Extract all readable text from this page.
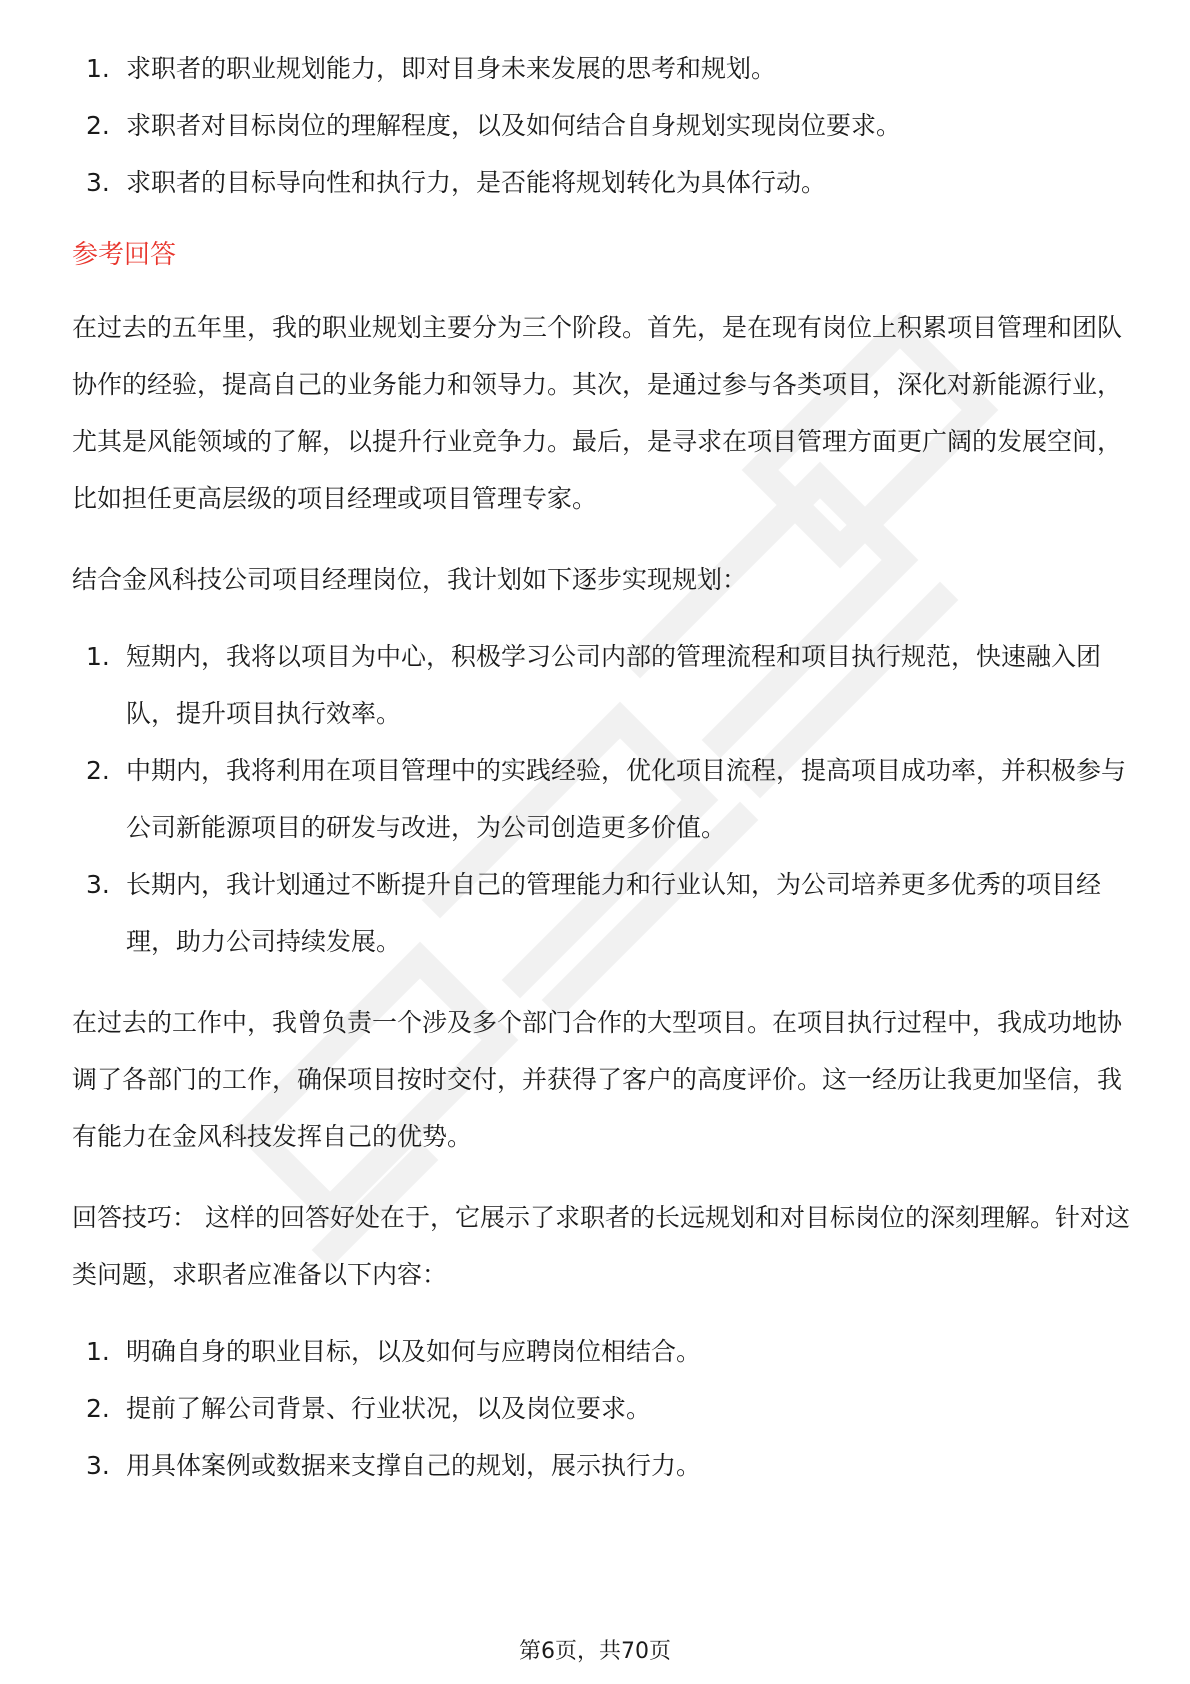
1. 求职者的职业规划能力，即对目身未来发展的思考和规划。
2. 求职者对目标岗位的理解程度，以及如何结合自身规划实现岗位要求。
3. 求职者的目标导向性和执行力，是否能将规划转化为具体行动。
参考回答

在过去的五年里，我的职业规划主要分为三个阶段。首先，是在现有岗位上积累项目管理和团队协作的经验，提高自己的业务能力和领导力。其次，是通过参与各类项目，深化对新能源行业，尤其是风能领域的了解，以提升行业竞争力。最后，是寻求在项目管理方面更广阔的发展空间，比如担任更高层级的项目经理或项目管理专家。

结合金风科技公司项目经理岗位，我计划如下逐步实现规划：

1. 短期内，我将以项目为中心，积极学习公司内部的管理流程和项目执行规范，快速融入团队，提升项目执行效率。
2. 中期内，我将利用在项目管理中的实践经验，优化项目流程，提高项目成功率，并积极参与公司新能源项目的研发与改进，为公司创造更多价值。
3. 长期内，我计划通过不断提升自己的管理能力和行业认知，为公司培养更多优秀的项目经理，助力公司持续发展。

在过去的工作中，我曾负责一个涉及多个部门合作的大型项目。在项目执行过程中，我成功地协调了各部门的工作，确保项目按时交付，并获得了客户的高度评价。这一经历让我更加坚信，我有能力在金风科技发挥自己的优势。

回答技巧： 这样的回答好处在于，它展示了求职者的长远规划和对目标岗位的深刻理解。针对这类问题，求职者应准备以下内容：

1. 明确自身的职业目标，以及如何与应聘岗位相结合。
2. 提前了解公司背景、行业状况，以及岗位要求。
3. 用具体案例或数据来支撑自己的规划，展示执行力。
第6页，共70页
